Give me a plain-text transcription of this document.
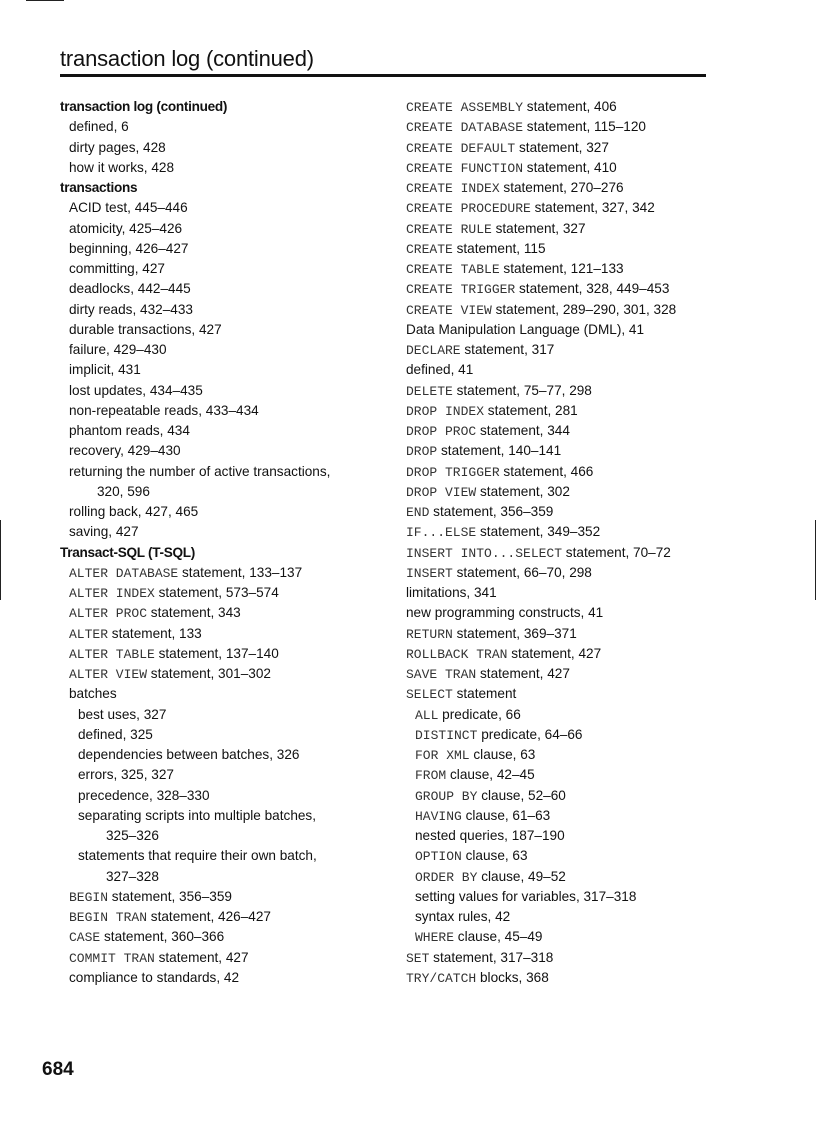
transaction log (continued)
transaction log (continued)
defined, 6
dirty pages, 428
how it works, 428
transactions
ACID test, 445–446
atomicity, 425–426
beginning, 426–427
committing, 427
deadlocks, 442–445
dirty reads, 432–433
durable transactions, 427
failure, 429–430
implicit, 431
lost updates, 434–435
non-repeatable reads, 433–434
phantom reads, 434
recovery, 429–430
returning the number of active transactions,
320, 596
rolling back, 427, 465
saving, 427
Transact-SQL (T-SQL)
ALTER DATABASE statement, 133–137
ALTER INDEX statement, 573–574
ALTER PROC statement, 343
ALTER statement, 133
ALTER TABLE statement, 137–140
ALTER VIEW statement, 301–302
batches
best uses, 327
defined, 325
dependencies between batches, 326
errors, 325, 327
precedence, 328–330
separating scripts into multiple batches,
325–326
statements that require their own batch,
327–328
BEGIN statement, 356–359
BEGIN TRAN statement, 426–427
CASE statement, 360–366
COMMIT TRAN statement, 427
compliance to standards, 42
CREATE ASSEMBLY statement, 406
CREATE DATABASE statement, 115–120
CREATE DEFAULT statement, 327
CREATE FUNCTION statement, 410
CREATE INDEX statement, 270–276
CREATE PROCEDURE statement, 327, 342
CREATE RULE statement, 327
CREATE statement, 115
CREATE TABLE statement, 121–133
CREATE TRIGGER statement, 328, 449–453
CREATE VIEW statement, 289–290, 301, 328
Data Manipulation Language (DML), 41
DECLARE statement, 317
defined, 41
DELETE statement, 75–77, 298
DROP INDEX statement, 281
DROP PROC statement, 344
DROP statement, 140–141
DROP TRIGGER statement, 466
DROP VIEW statement, 302
END statement, 356–359
IF...ELSE statement, 349–352
INSERT INTO...SELECT statement, 70–72
INSERT statement, 66–70, 298
limitations, 341
new programming constructs, 41
RETURN statement, 369–371
ROLLBACK TRAN statement, 427
SAVE TRAN statement, 427
SELECT statement
ALL predicate, 66
DISTINCT predicate, 64–66
FOR XML clause, 63
FROM clause, 42–45
GROUP BY clause, 52–60
HAVING clause, 61–63
nested queries, 187–190
OPTION clause, 63
ORDER BY clause, 49–52
setting values for variables, 317–318
syntax rules, 42
WHERE clause, 45–49
SET statement, 317–318
TRY/CATCH blocks, 368
684
